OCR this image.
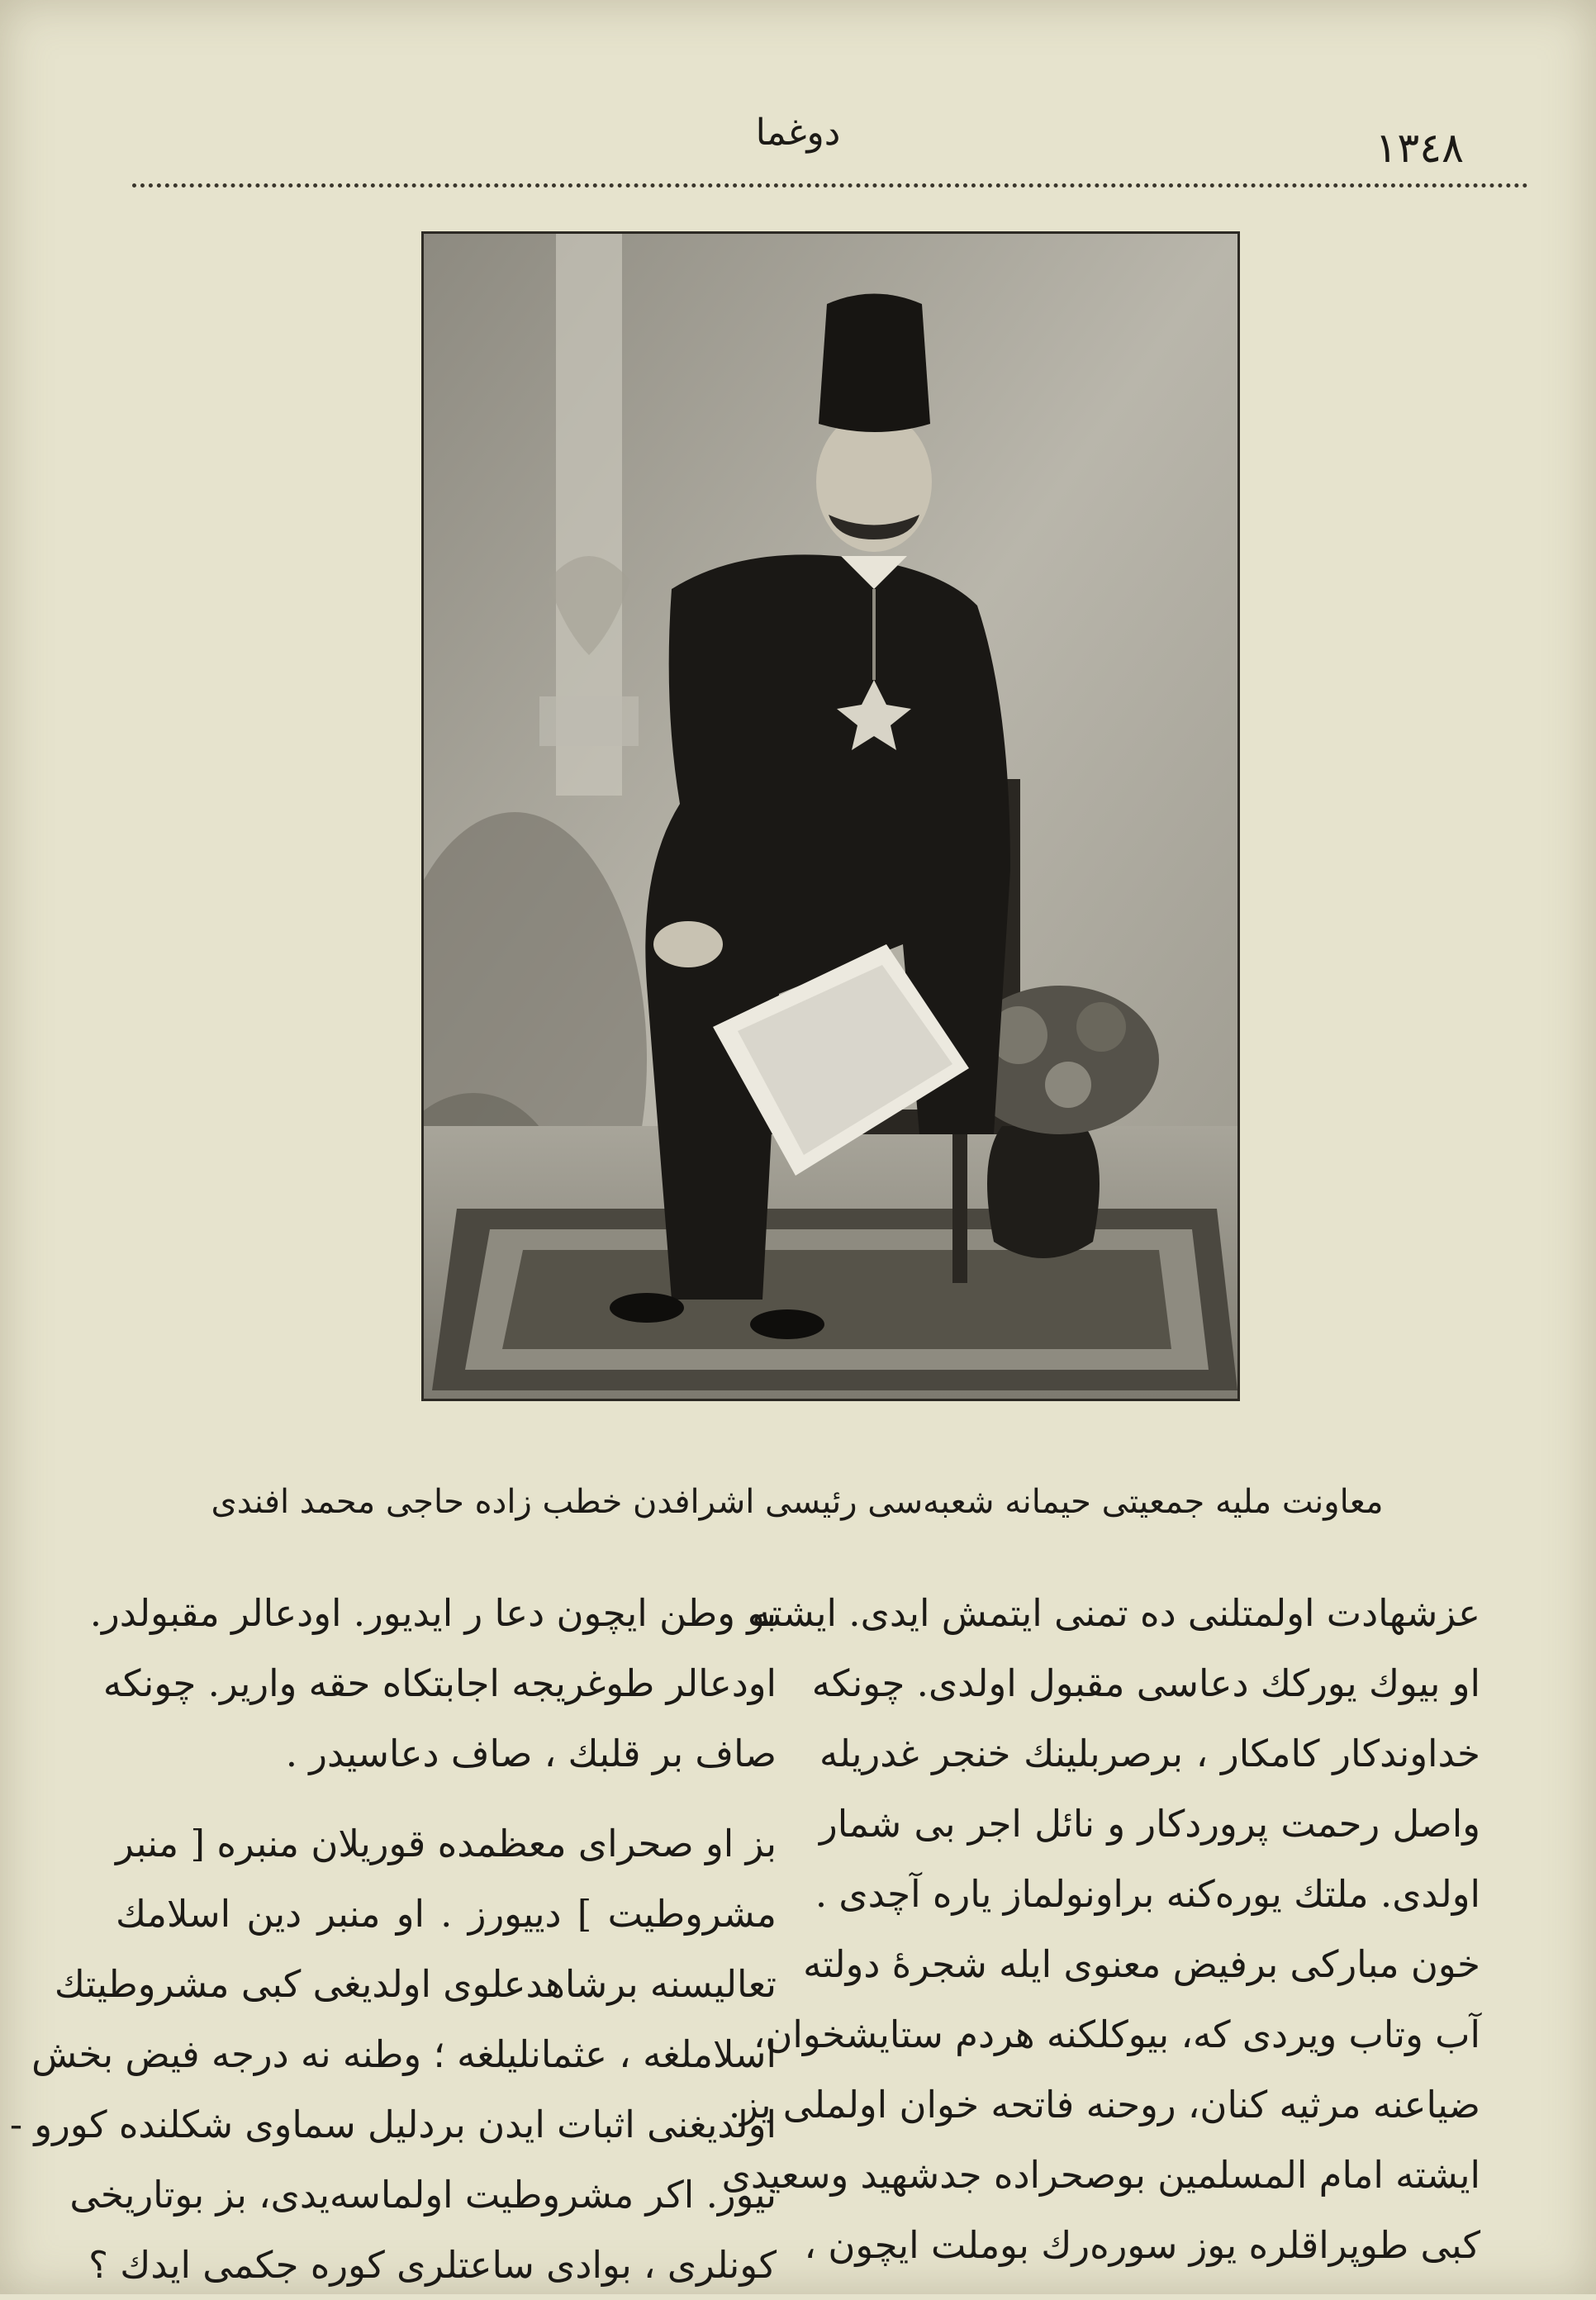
دوغما	١٣٤٨
معاونت ملیه جمعیتی حیمانه شعبه‌سی رئیسی اشرافدن خطب زاده حاجی محمد افندی
عزشهادت اولمتلنی ده تمنی ایتمش ایدی. ایشته
او بیوك یوركك دعاسی مقبول اولدی. چونكه
خداوندكار كامكار ، برصربلینك خنجر غدریله
واصل رحمت پروردكار و نائل اجر بی شمار
اولدی. ملتك یوره‌كنه براونولماز یاره آچدی .
خون مباركی برفیض معنوی ایله شجرهٔ دولته
آب وتاب ویردی كه، بیوكلكنه هردم ستایشخوان،
ضیاعنه مرثیه كنان، روحنه فاتحه خوان اولملی یز.
ایشته امام المسلمین بوصحراده جدشهید وسعیدی
كبی طوپراقلره یوز سوره‌رك بوملت ایچون ،
بو وطن ایچون دعا ر ایدیور. اودعالر مقبولدر.
اودعالر طوغریجه اجابتكاه حقه واریر. چونكه
صاف بر قلبك ، صاف دعاسیدر .
بز او صحرای معظمده قوریلان منبره [ منبر
مشروطیت ] دییورز . او منبر دین اسلامك
تعالیسنه برشاهدعلوی اولدیغی كبی مشروطیتك
اسلاملغه ، عثمانلیلغه ؛ وطنه نه درجه فیض بخش
اولدیغنی اثبات ایدن بردلیل سماوی شكلنده كورو -
نیور. اكر مشروطیت اولماسه‌یدی، بز بوتاریخی
كونلری ، بوادی ساعتلری كوره جكمی ایدك ؟
